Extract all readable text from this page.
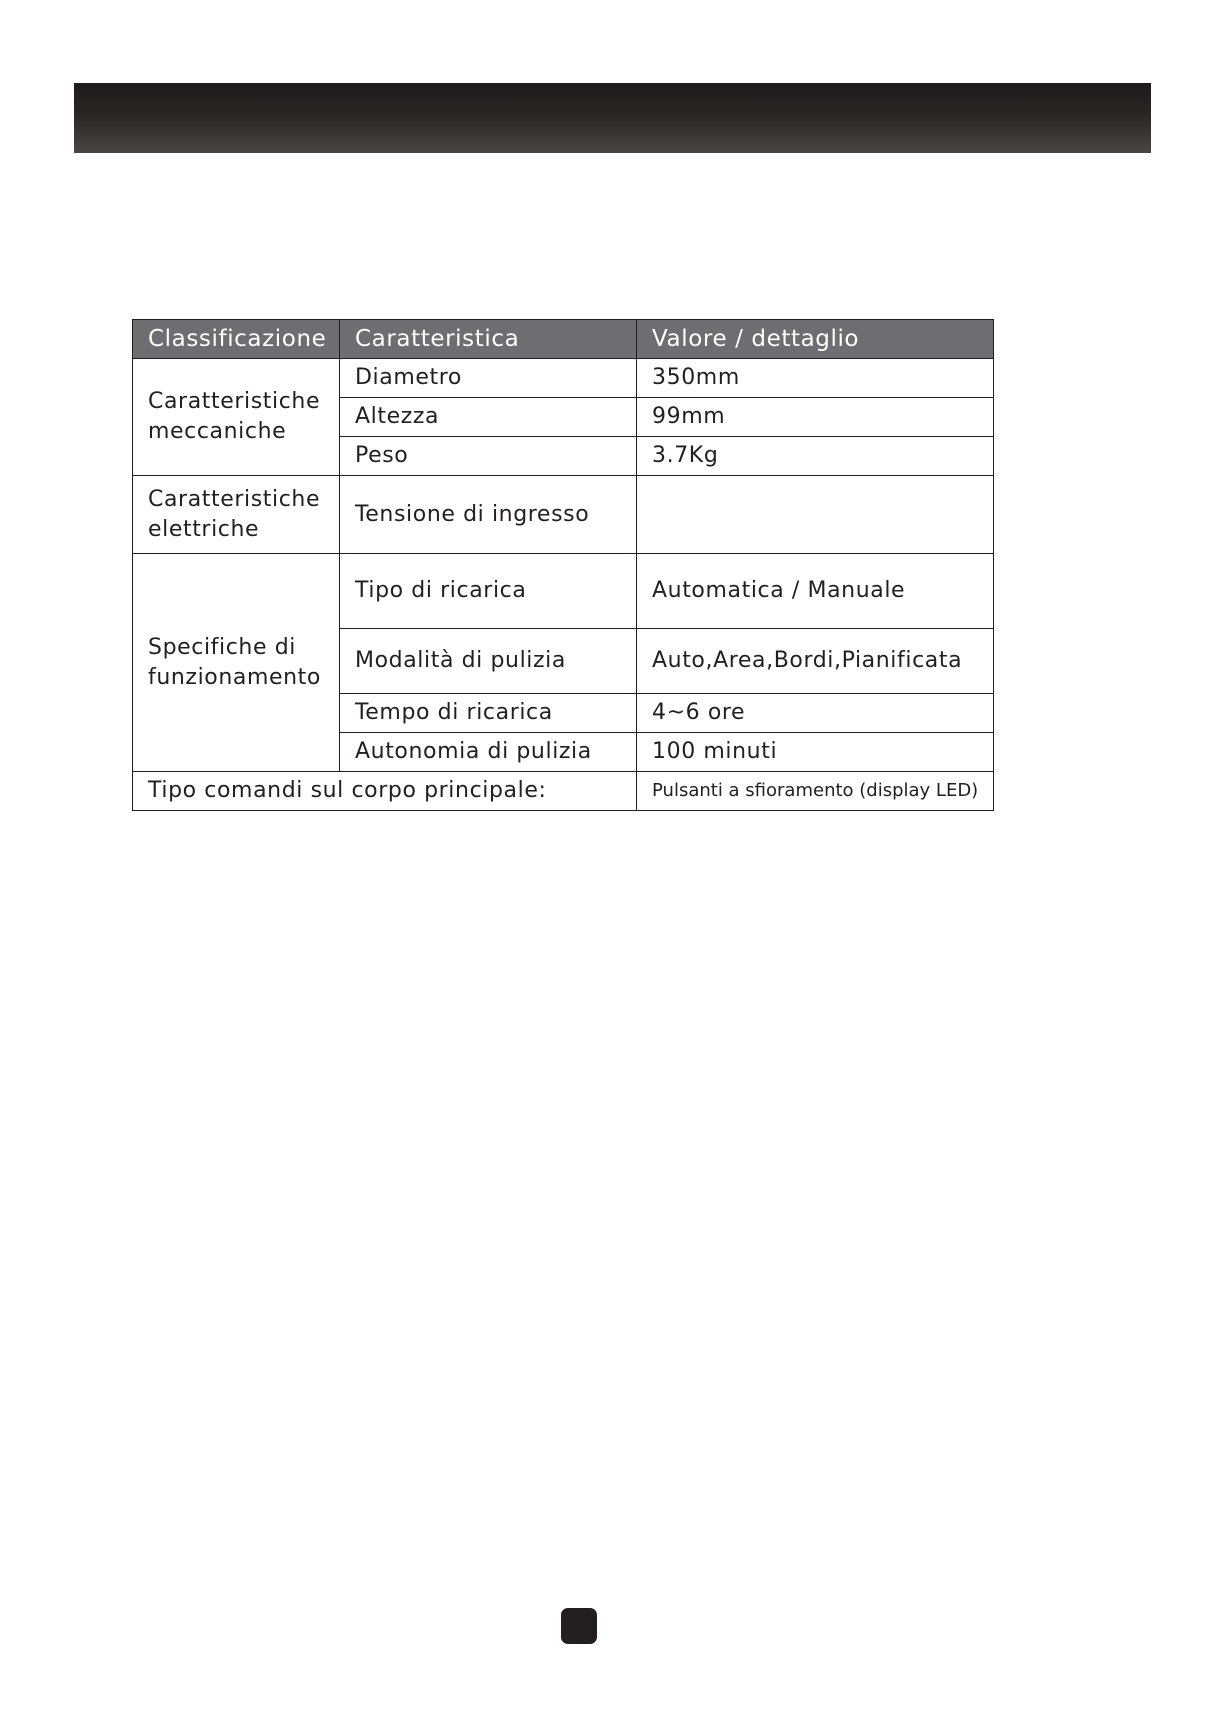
Classificazione	Caratteristica	Valore / dettaglio
Caratteristiche meccaniche	Diametro	350mm
	Altezza	99mm
	Peso	3.7Kg
Caratteristiche elettriche	Tensione di ingresso	
Specifiche di funzionamento	Tipo di ricarica	Automatica / Manuale
	Modalità di pulizia	Auto,Area,Bordi,Pianificata
	Tempo di ricarica	4~6 ore
	Autonomia di pulizia	100 minuti
Tipo comandi sul corpo principale:		Pulsanti a sfioramento (display LED)
